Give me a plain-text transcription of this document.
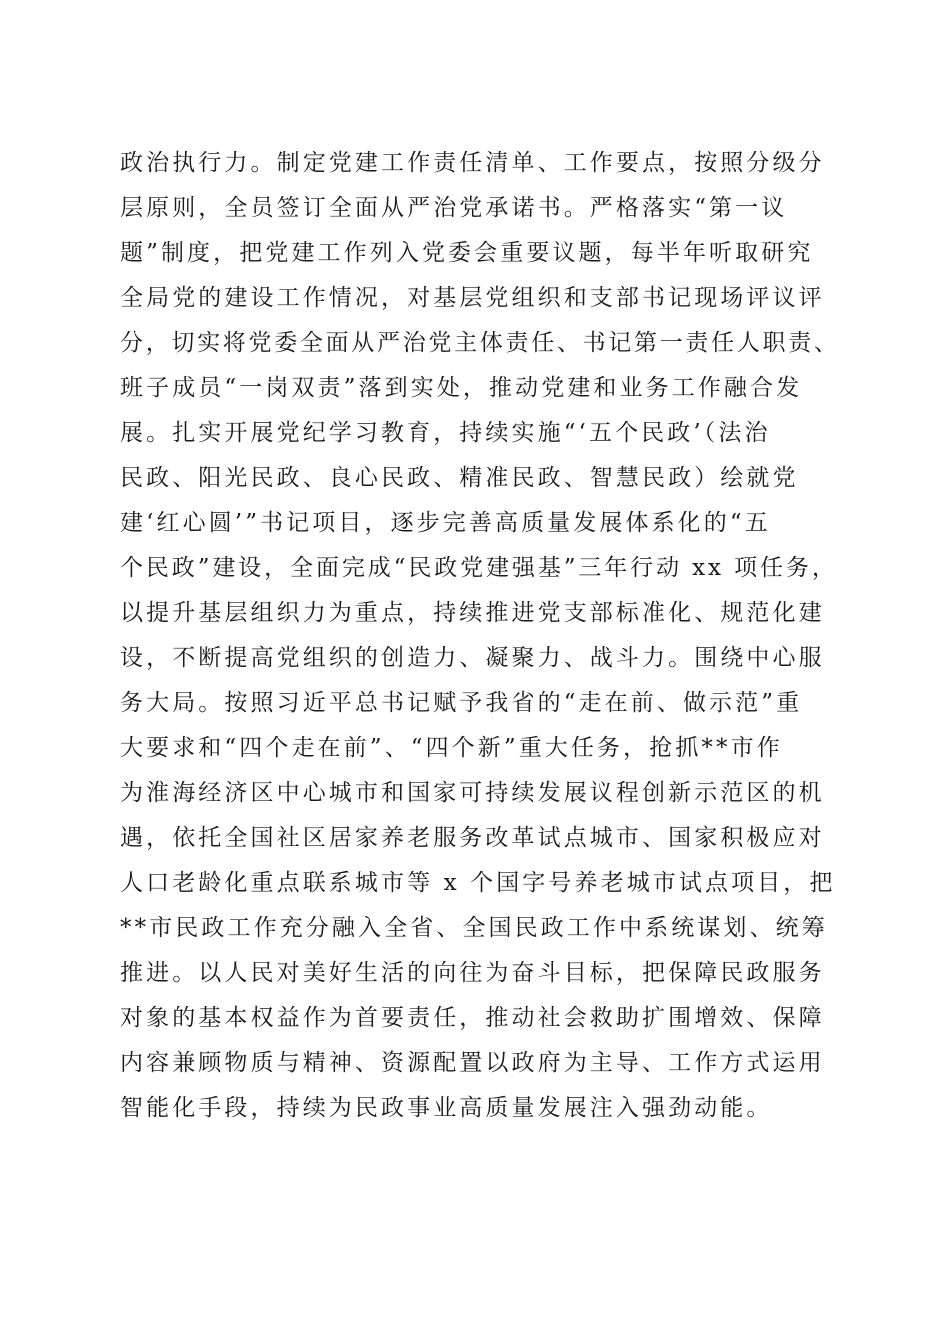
政治执行力。制定党建工作责任清单、工作要点，按照分级分
层原则，全员签订全面从严治党承诺书。严格落实“第一议
题”制度，把党建工作列入党委会重要议题，每半年听取研究
全局党的建设工作情况，对基层党组织和支部书记现场评议评
分，切实将党委全面从严治党主体责任、书记第一责任人职责、
班子成员“一岗双责”落到实处，推动党建和业务工作融合发
展。扎实开展党纪学习教育，持续实施“‘五个民政’（法治
民政、阳光民政、良心民政、精准民政、智慧民政）绘就党
建‘红心圆’”书记项目，逐步完善高质量发展体系化的“五
个民政”建设，全面完成“民政党建强基”三年行动 xx 项任务，
以提升基层组织力为重点，持续推进党支部标准化、规范化建
设，不断提高党组织的创造力、凝聚力、战斗力。围绕中心服
务大局。按照习近平总书记赋予我省的“走在前、做示范”重
大要求和“四个走在前”、“四个新”重大任务，抢抓**市作
为淮海经济区中心城市和国家可持续发展议程创新示范区的机
遇，依托全国社区居家养老服务改革试点城市、国家积极应对
人口老龄化重点联系城市等 x 个国字号养老城市试点项目，把
**市民政工作充分融入全省、全国民政工作中系统谋划、统筹
推进。以人民对美好生活的向往为奋斗目标，把保障民政服务
对象的基本权益作为首要责任，推动社会救助扩围增效、保障
内容兼顾物质与精神、资源配置以政府为主导、工作方式运用
智能化手段，持续为民政事业高质量发展注入强劲动能。
